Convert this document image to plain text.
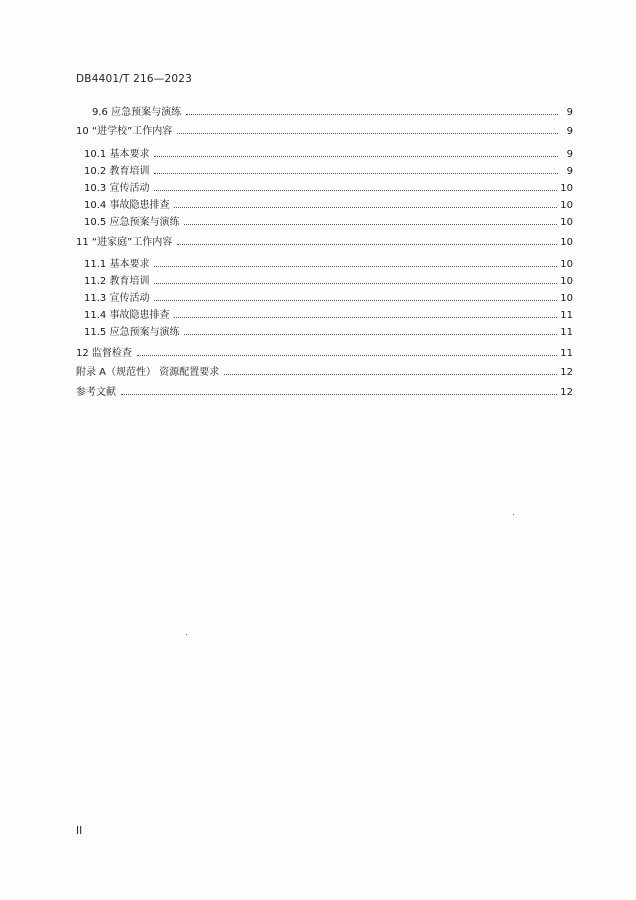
DB4401/T 216—2023
9.6 应急预案与演练	9
10 “进学校”工作内容	9
10.1 基本要求	9
10.2 教育培训	9
10.3 宣传活动	10
10.4 事故隐患排查	10
10.5 应急预案与演练	10
11 “进家庭”工作内容	10
11.1 基本要求	10
11.2 教育培训	10
11.3 宣传活动	10
11.4 事故隐患排查	11
11.5 应急预案与演练	11
12 监督检查	11
附录 A（规范性） 资源配置要求	12
参考文献	12
II
